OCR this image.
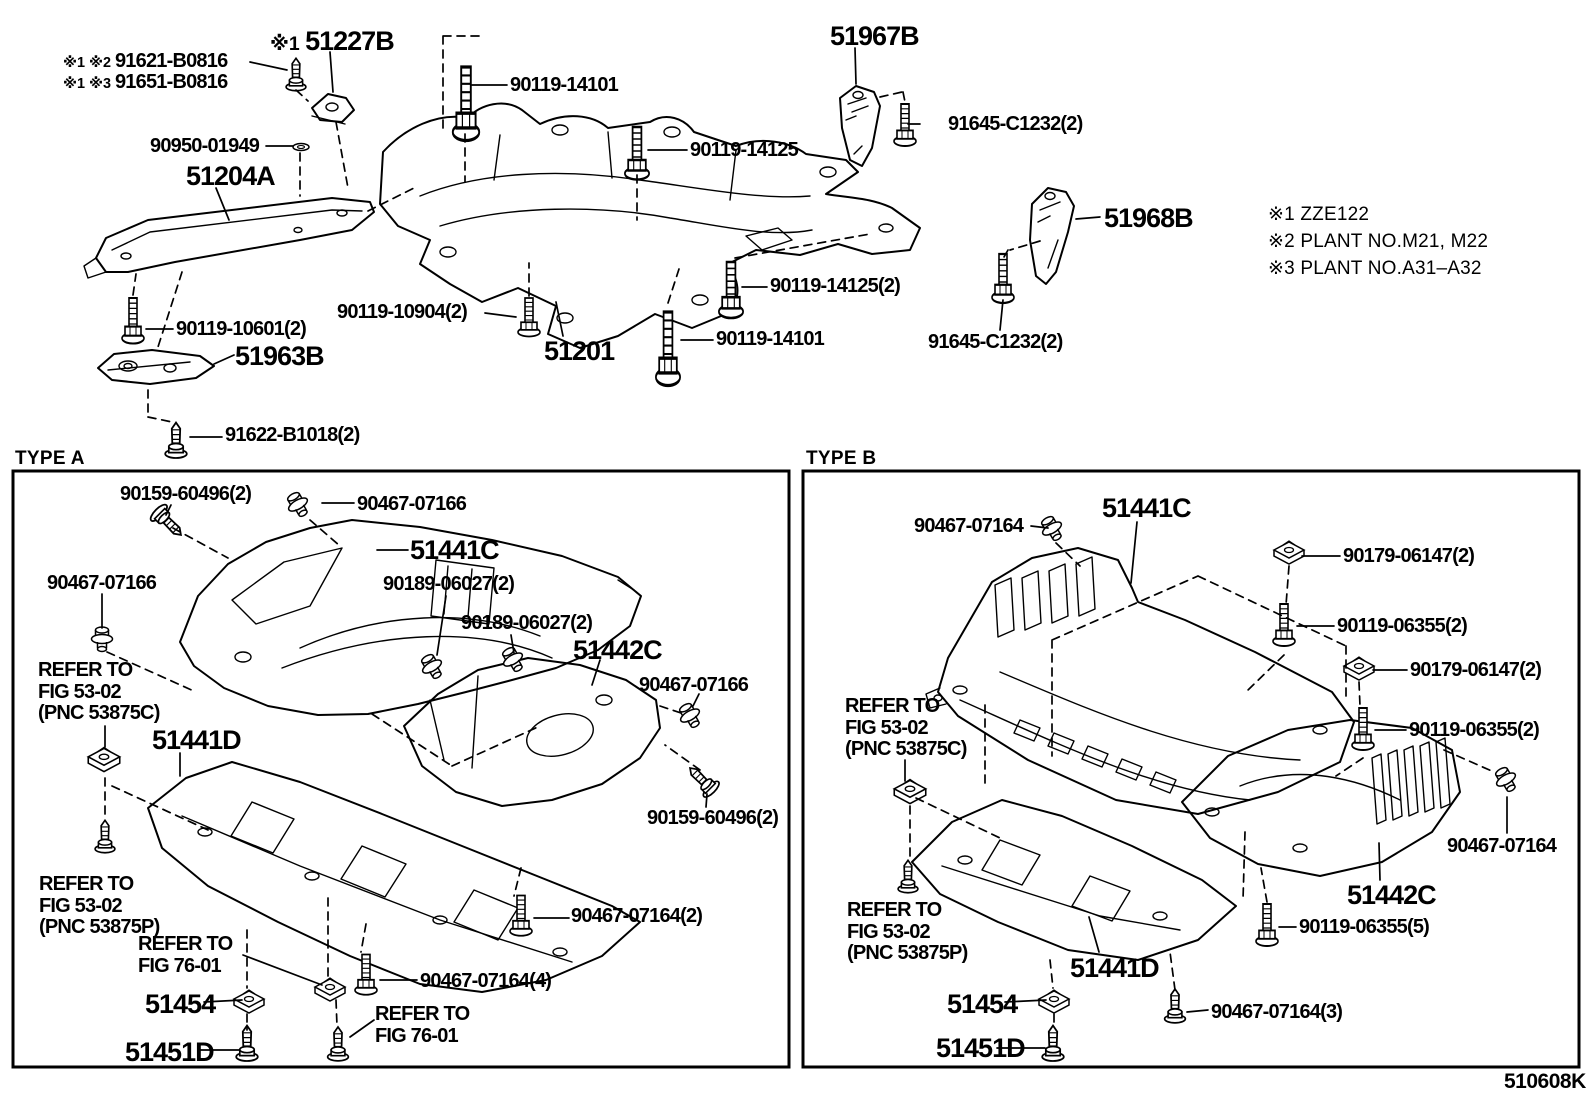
TYPE A	TYPE B
※1 ZZE122
※2 PLANT NO.M21, M22
※3 PLANT NO.A31–A32
510608K
※1 51227B
※1 ※2 91621-B0816
※1 ※3 91651-B0816
90950-01949
51204A
90119-14101
90119-14125
51967B
91645-C1232(2)
51968B
90119-14125(2)
90119-14101
51201
90119-10904(2)
90119-10601(2)
51963B
91622-B1018(2)
91645-C1232(2)
90159-60496(2)	90467-07166
51441C
90467-07166	90189-06027(2)
90189-06027(2)
51442C
90467-07166
REFER TO
FIG 53-02
(PNC 53875C)
51441D
90159-60496(2)
REFER TO
FIG 53-02
(PNC 53875P)
REFER TO
FIG 76-01
90467-07164(2)
90467-07164(4)
51454	REFER TO
FIG 76-01
51451D
90467-07164
51441C
90179-06147(2)
90119-06355(2)
90179-06147(2)
90119-06355(2)
REFER TO
FIG 53-02
(PNC 53875C)
REFER TO
FIG 53-02
(PNC 53875P)
90467-07164
51442C
90119-06355(5)
51441D
51454	90467-07164(3)
51451D
